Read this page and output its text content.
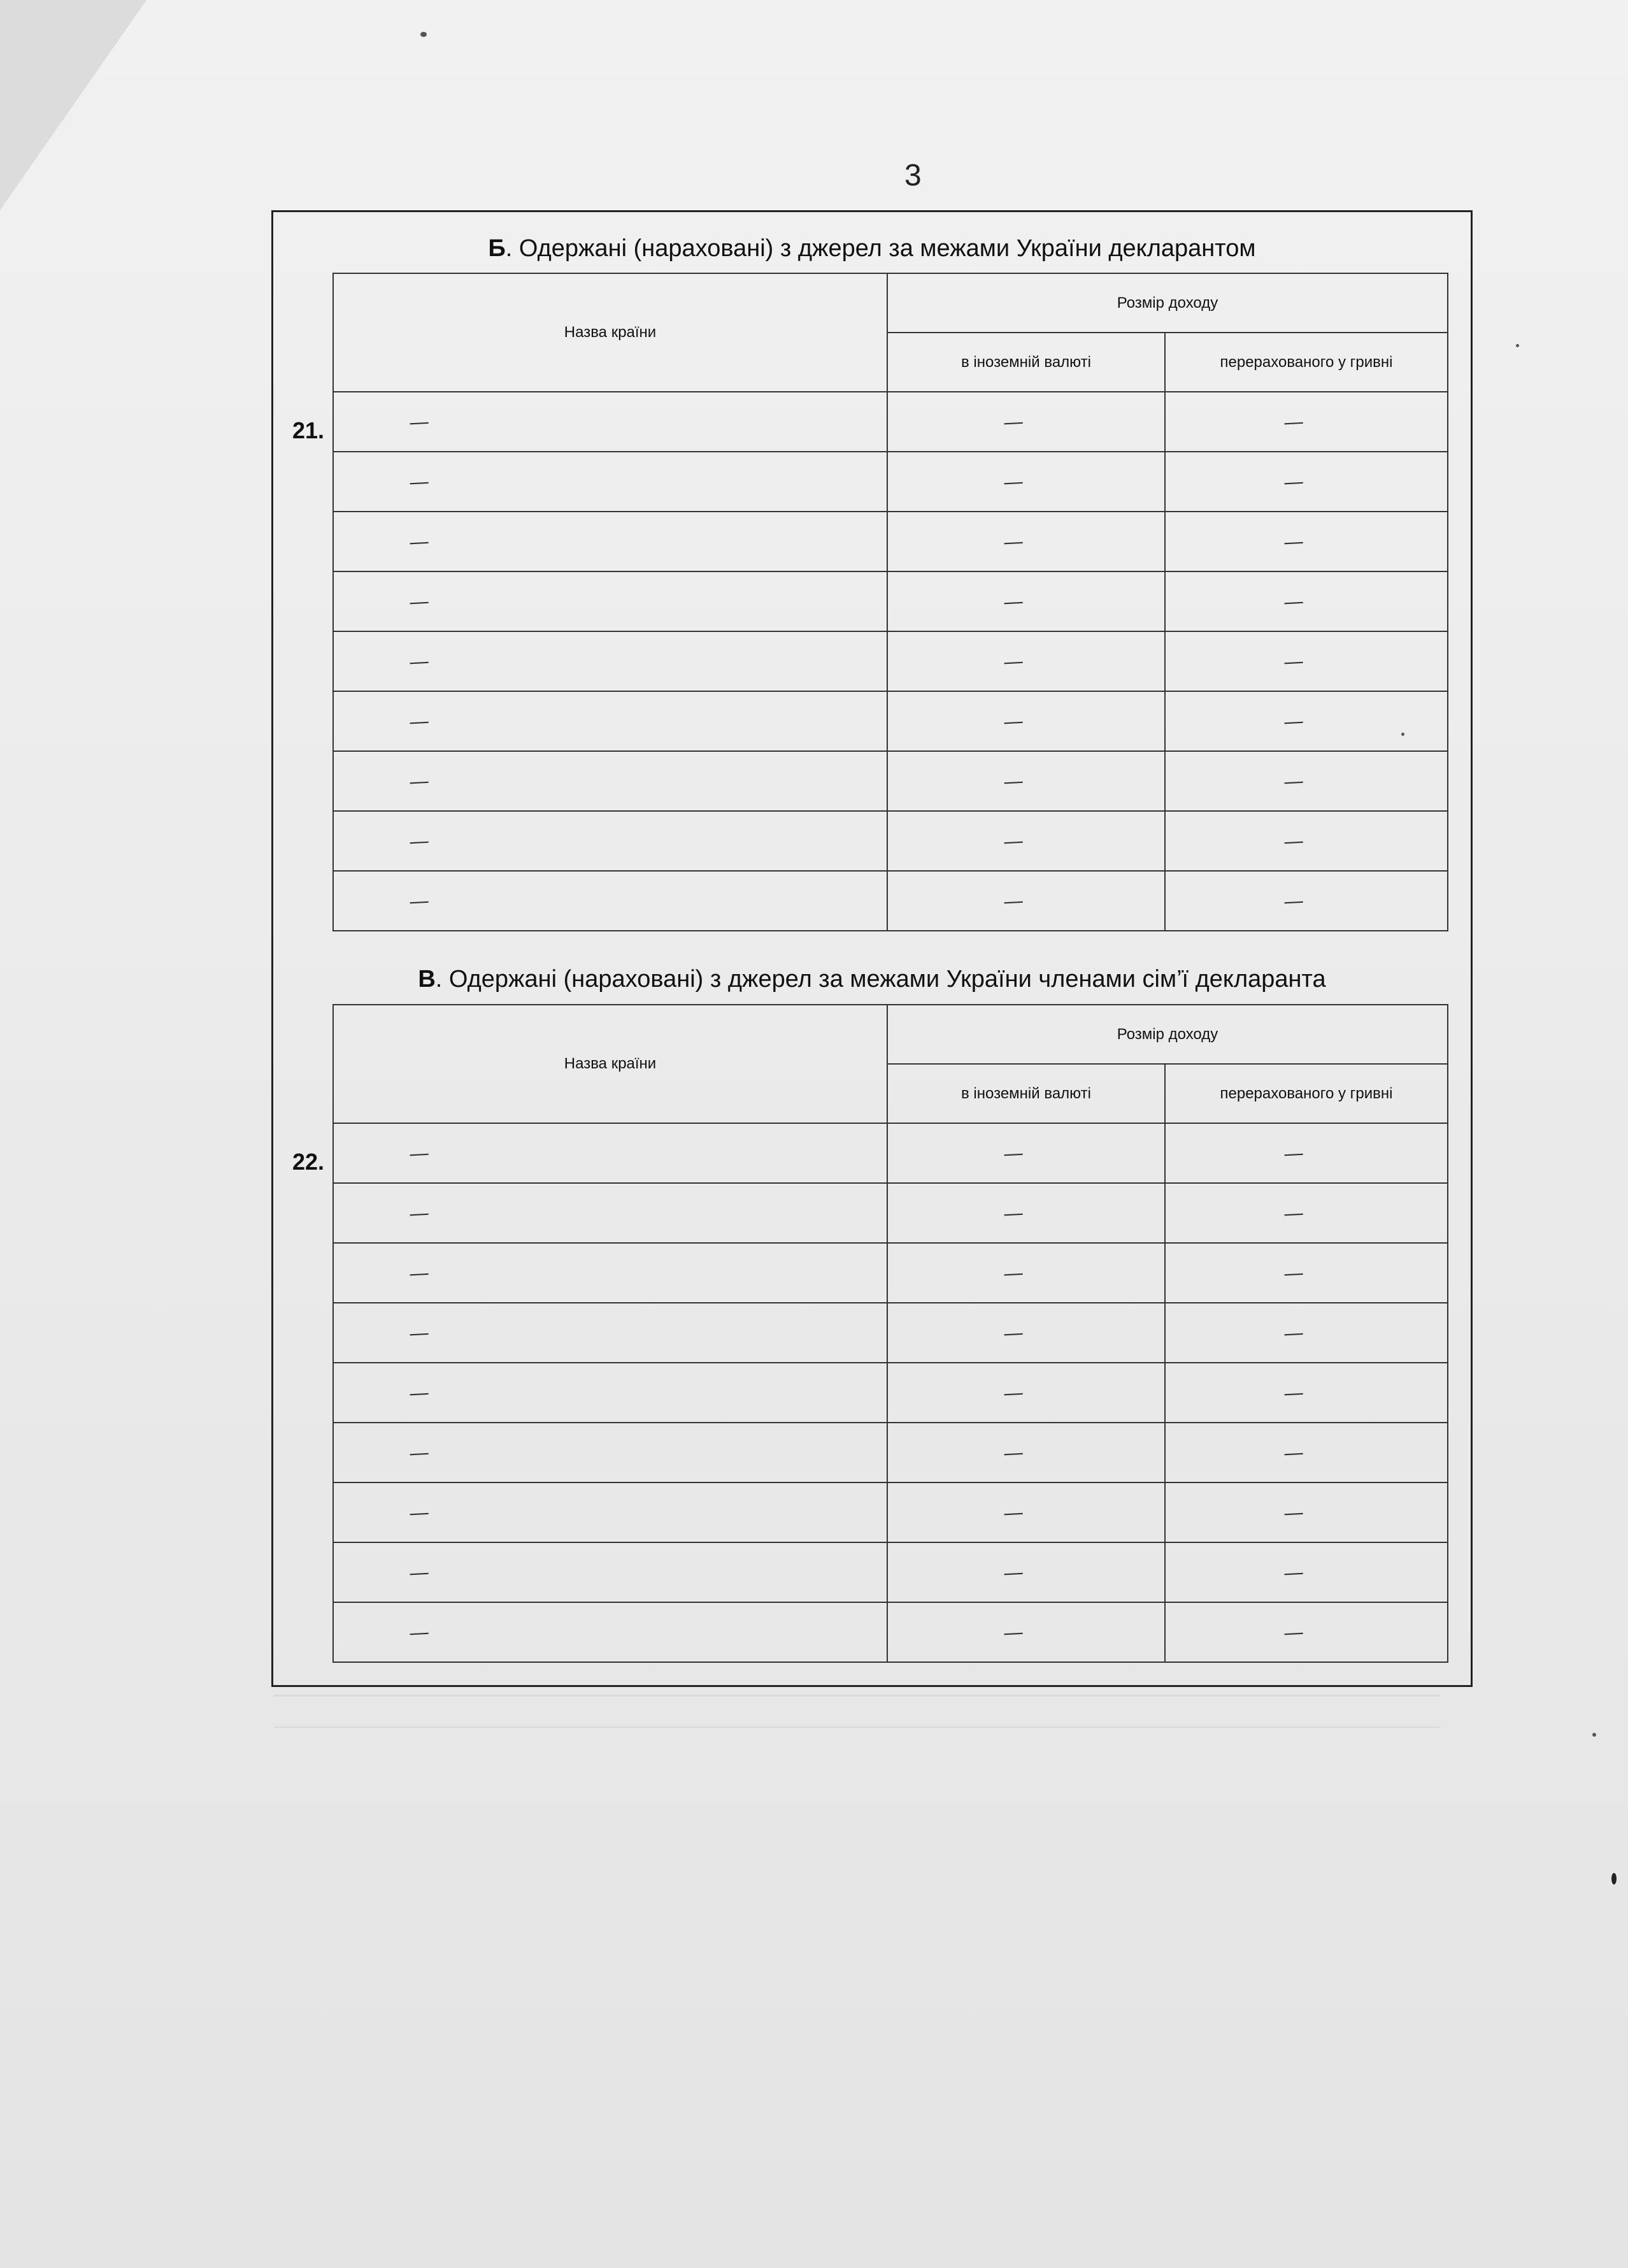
3
Б. Одержані (нараховані) з джерел за межами України декларантом
21.
Назва країни	Розмір доходу	
	в іноземній валюті	перерахованого у гривні
—	—	—
—	—	—
—	—	—
—	—	—
—	—	—
—	—	—
—	—	—
—	—	—
—	—	—
В. Одержані (нараховані) з джерел за межами України членами сім’ї декларанта
22.
Назва країни	Розмір доходу	
	в іноземній валюті	перерахованого у гривні
—	—	—
—	—	—
—	—	—
—	—	—
—	—	—
—	—	—
—	—	—
—	—	—
—	—	—
